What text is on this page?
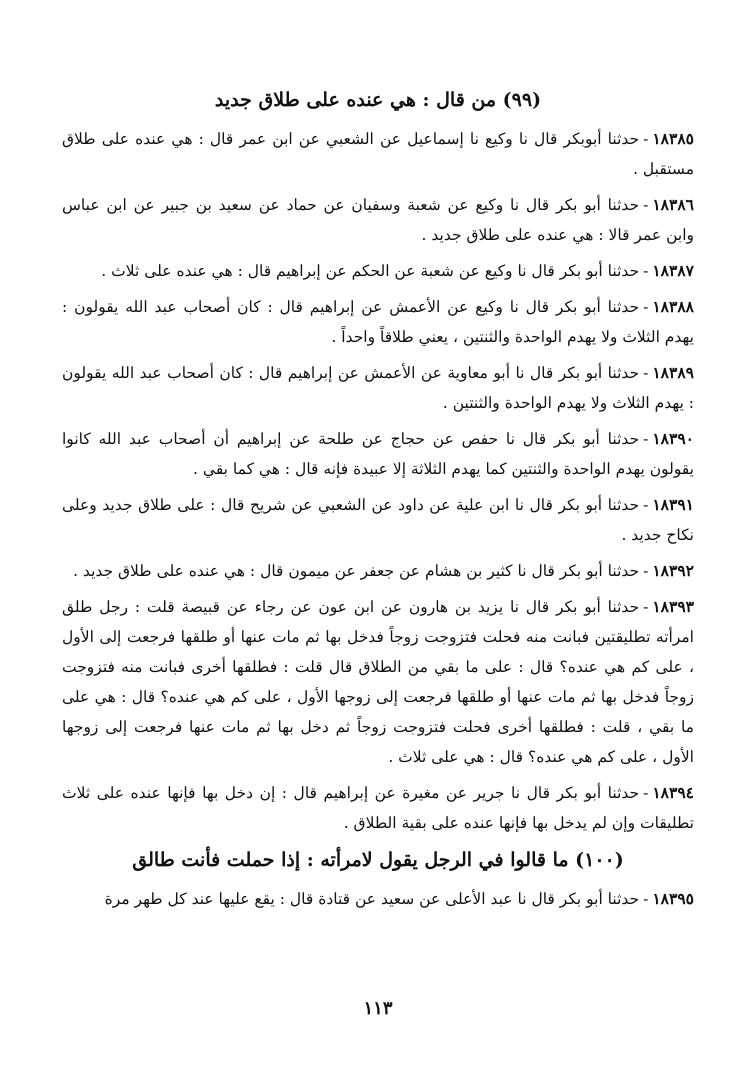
(٩٩) من قال : هي عنده على طلاق جديد

١٨٣٨٥-حدثنا أبوبكر قال نا وكيع نا إسماعيل عن الشعبي عن ابن عمر قال : هي عنده على طلاق مستقبل .

١٨٣٨٦-حدثنا أبو بكر قال نا وكيع عن شعبة وسفيان عن حماد عن سعيد بن جبير عن ابن عباس وابن عمر قالا : هي عنده على طلاق جديد .

١٨٣٨٧-حدثنا أبو بكر قال نا وكيع عن شعبة عن الحكم عن إبراهيم قال : هي عنده على ثلاث .

١٨٣٨٨-حدثنا أبو بكر قال نا وكيع عن الأعمش عن إبراهيم قال : كان أصحاب عبد الله يقولون : يهدم الثلاث ولا يهدم الواحدة والثنتين ، يعني طلاقاً واحداً .

١٨٣٨٩-حدثنا أبو بكر قال نا أبو معاوية عن الأعمش عن إبراهيم قال : كان أصحاب عبد الله يقولون : يهدم الثلاث ولا يهدم الواحدة والثنتين .

١٨٣٩٠-حدثنا أبو بكر قال نا حفص عن حجاج عن طلحة عن إبراهيم أن أصحاب عبد الله كانوا يقولون يهدم الواحدة والثنتين كما يهدم الثلاثة إلا عبيدة فإنه قال : هي كما بقي .

١٨٣٩١-حدثنا أبو بكر قال نا ابن علية عن داود عن الشعبي عن شريح قال : على طلاق جديد وعلى نكاح جديد .

١٨٣٩٢-حدثنا أبو بكر قال نا كثير بن هشام عن جعفر عن ميمون قال : هي عنده على طلاق جديد .

١٨٣٩٣-حدثنا أبو بكر قال نا يزيد بن هارون عن ابن عون عن رجاء عن قبيصة قلت : رجل طلق امرأته تطليقتين فبانت منه فحلت فتزوجت زوجاً فدخل بها ثم مات عنها أو طلقها فرجعت إلى الأول ، على كم هي عنده؟ قال : على ما بقي من الطلاق قال قلت : فطلقها أخرى فبانت منه فتزوجت زوجاً فدخل بها ثم مات عنها أو طلقها فرجعت إلى زوجها الأول ، على كم هي عنده؟ قال : هي على ما بقي ، قلت : فطلقها أخرى فحلت فتزوجت زوجاً ثم دخل بها ثم مات عنها فرجعت إلى زوجها الأول ، على كم هي عنده؟ قال : هي على ثلاث .

١٨٣٩٤-حدثنا أبو بكر قال نا جرير عن مغيرة عن إبراهيم قال : إن دخل بها فإنها عنده على ثلاث تطليقات وإن لم يدخل بها فإنها عنده على بقية الطلاق .

(١٠٠) ما قالوا في الرجل يقول لامرأته : إذا حملت فأنت طالق

١٨٣٩٥-حدثنا أبو بكر قال نا عبد الأعلى عن سعيد عن قتادة قال : يقع عليها عند كل طهر مرة

١١٣
